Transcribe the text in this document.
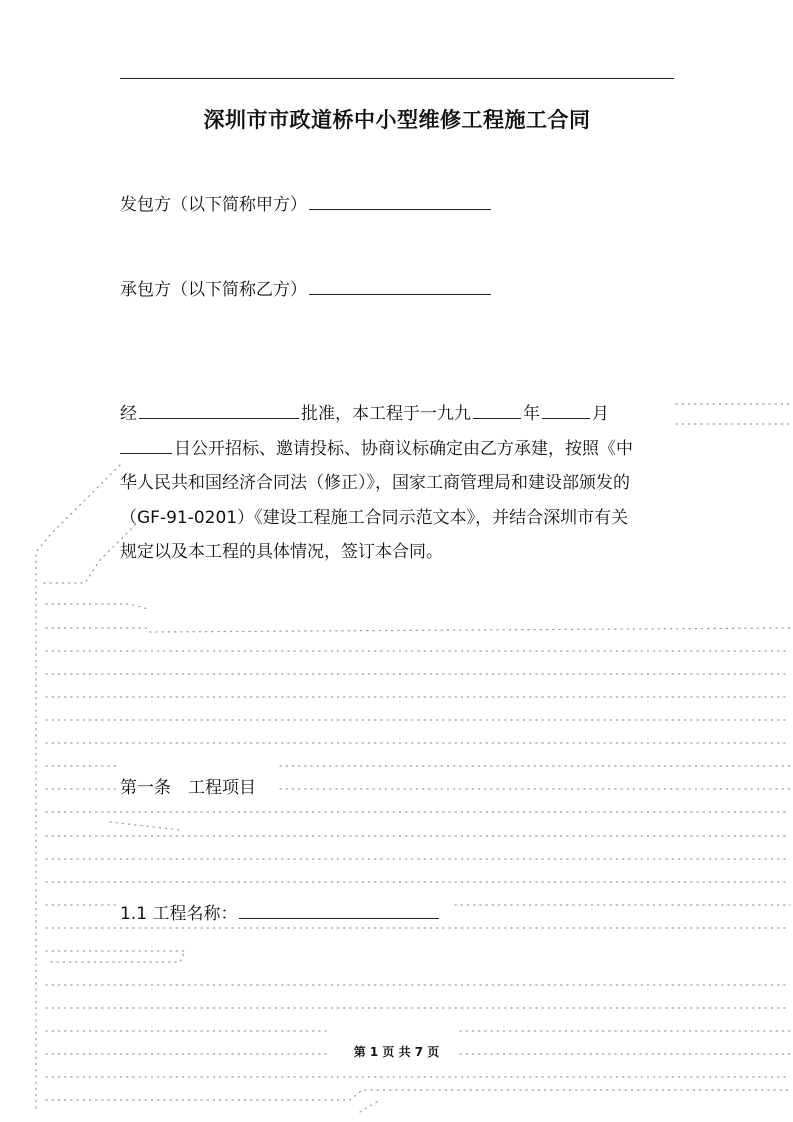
深圳市市政道桥中小型维修工程施工合同
发包方（以下简称甲方）
承包方（以下简称乙方）

经	批准，本工程于一九九	年	月

日公开招标、邀请投标、协商议标确定由乙方承建，按照《中

华人民共和国经济合同法（修正）》，国家工商管理局和建设部颁发的

（GF-91-0201）《建设工程施工合同示范文本》，并结合深圳市有关

规定以及本工程的具体情况，签订本合同。

第一条　工程项目
1.1 工程名称：
第 1 页 共 7 页
